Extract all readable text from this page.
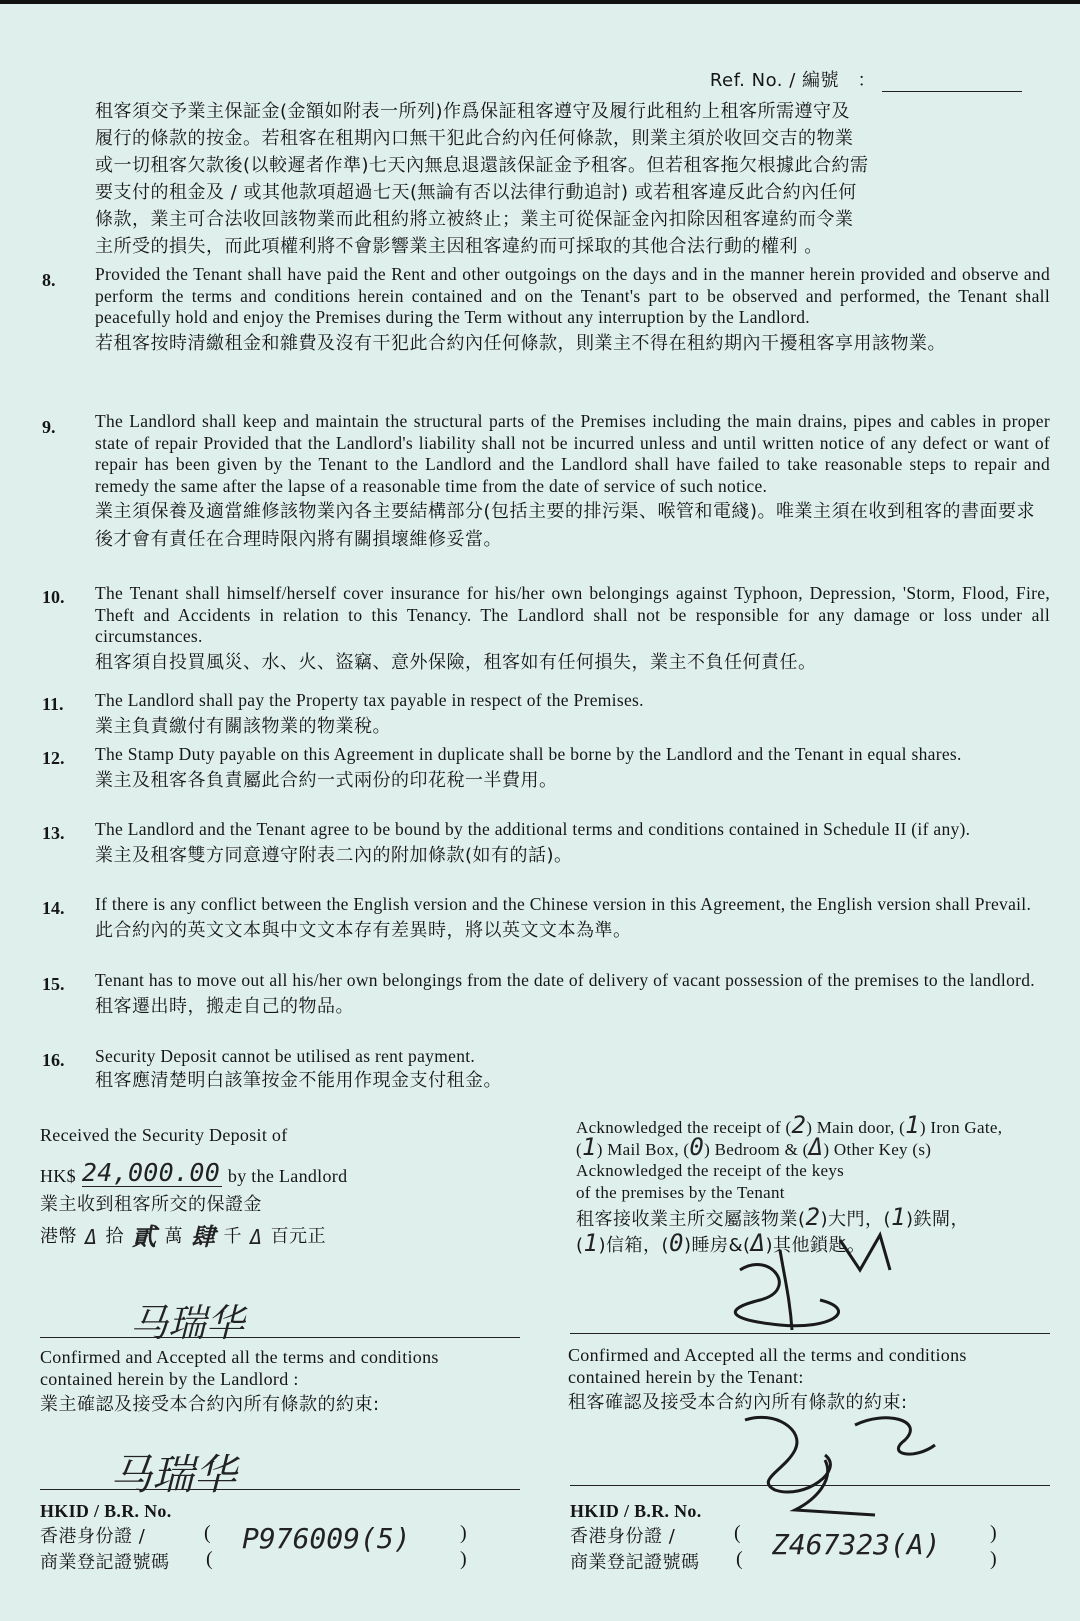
Ref. No. / 編號　：
租客須交予業主保証金(金額如附表一所列)作爲保証租客遵守及履行此租約上租客所需遵守及
履行的條款的按金。若租客在租期內口無干犯此合約內任何條款，則業主須於收回交吉的物業
或一切租客欠款後(以較遲者作準)七天內無息退還該保証金予租客。但若租客拖欠根據此合約需
要支付的租金及 / 或其他款項超過七天(無論有否以法律行動追討) 或若租客違反此合約內任何
條款，業主可合法收回該物業而此租約將立被終止；業主可從保証金內扣除因租客違約而令業
主所受的損失，而此項權利將不會影響業主因租客違約而可採取的其他合法行動的權利 。
8. Provided the Tenant shall have paid the Rent and other outgoings on the days and in the manner herein provided and observe and perform the terms and conditions herein contained and on the Tenant's part to be observed and performed, the Tenant shall peacefully hold and enjoy the Premises during the Term without any interruption by the Landlord.
若租客按時清繳租金和雜費及沒有干犯此合約內任何條款，則業主不得在租約期內干擾租客享用該物業。
9. The Landlord shall keep and maintain the structural parts of the Premises including the main drains, pipes and cables in proper state of repair Provided that the Landlord's liability shall not be incurred unless and until written notice of any defect or want of repair has been given by the Tenant to the Landlord and the Landlord shall have failed to take reasonable steps to repair and remedy the same after the lapse of a reasonable time from the date of service of such notice.
業主須保養及適當維修該物業內各主要結構部分(包括主要的排污渠、喉管和電綫)。唯業主須在收到租客的書面要求後才會有責任在合理時限內將有關損壞維修妥當。
10. The Tenant shall himself/herself cover insurance for his/her own belongings against Typhoon, Depression, 'Storm, Flood, Fire, Theft and Accidents in relation to this Tenancy. The Landlord shall not be responsible for any damage or loss under all circumstances.
租客須自投買風災、水、火、盜竊、意外保險，租客如有任何損失，業主不負任何責任。
11. The Landlord shall pay the Property tax payable in respect of the Premises.
業主負責繳付有關該物業的物業稅。
12. The Stamp Duty payable on this Agreement in duplicate shall be borne by the Landlord and the Tenant in equal shares.
業主及租客各負責屬此合約一式兩份的印花稅一半費用。
13. The Landlord and the Tenant agree to be bound by the additional terms and conditions contained in Schedule II (if any).
業主及租客雙方同意遵守附表二內的附加條款(如有的話)。
14. If there is any conflict between the English version and the Chinese version in this Agreement, the English version shall Prevail.
此合約內的英文文本與中文文本存有差異時，將以英文文本為準。
15. Tenant has to move out all his/her own belongings from the date of delivery of vacant possession of the premises to the landlord.
租客遷出時，搬走自己的物品。
16. Security Deposit cannot be utilised as rent payment.
租客應清楚明白該筆按金不能用作現金支付租金。
Received the Security Deposit of
HK$ 24,000.00 by the Landlord
業主收到租客所交的保證金
港幣 Δ 拾 貳 萬 肆 千 Δ 百元正
Acknowledged the receipt of (2) Main door, (1) Iron Gate,
(1) Mail Box, (0) Bedroom & (Δ) Other Key (s)
Acknowledged the receipt of the keys
of the premises by the Tenant
租客接收業主所交屬該物業(2)大門，(1)鉄閘，
(1)信箱，(0)睡房&(Δ)其他鎖匙。
马瑞华
Confirmed and Accepted all the terms and conditions
contained herein by the Landlord :
業主確認及接受本合約內所有條款的約束:
Confirmed and Accepted all the terms and conditions
contained herein by the Tenant:
租客確認及接受本合約內所有條款的約束:
马瑞华
HKID / B.R. No.
香港身份證 /
商業登記證號碼
(
(
)
)
P976009(5)
HKID / B.R. No.
香港身份證 /
商業登記證號碼
(
(
)
)
Z467323(A)
